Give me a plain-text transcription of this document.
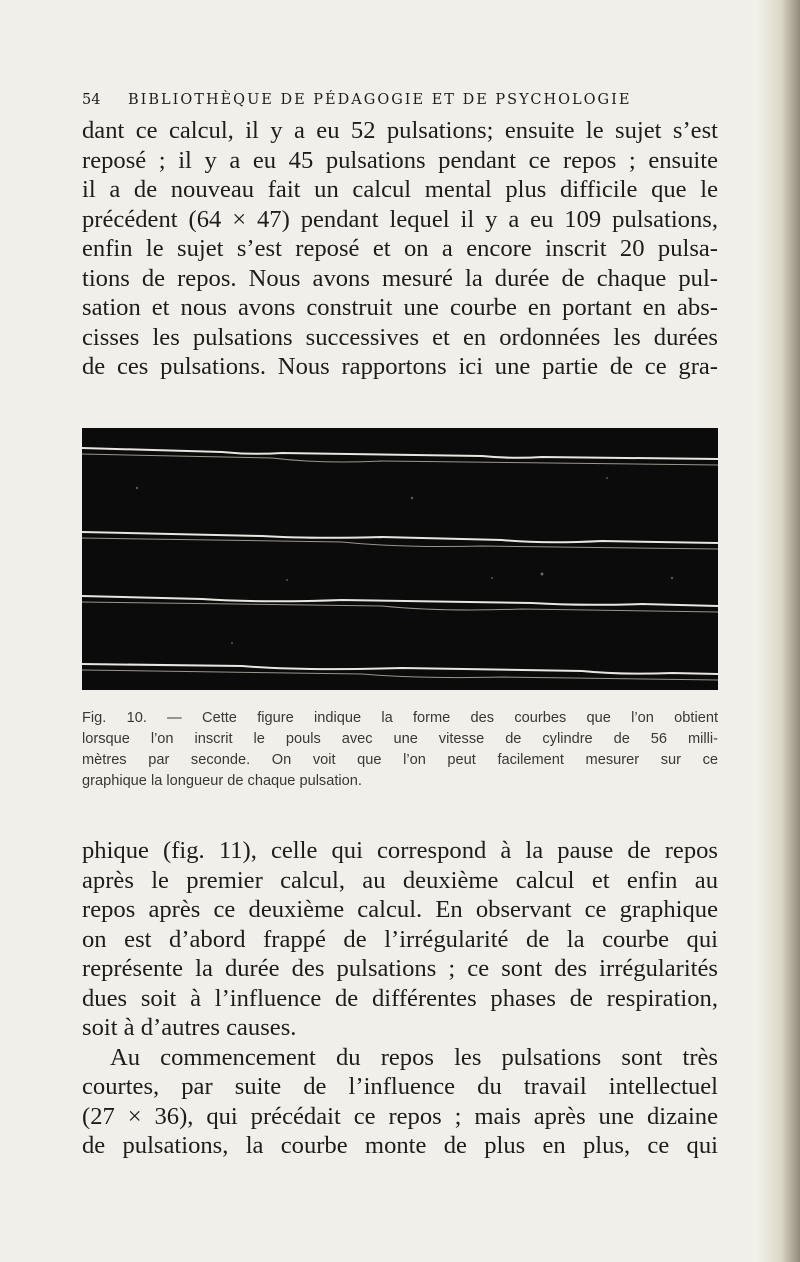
54 BIBLIOTHÈQUE DE PÉDAGOGIE ET DE PSYCHOLOGIE
dant ce calcul, il y a eu 52 pulsations; ensuite le sujet s’est
reposé ; il y a eu 45 pulsations pendant ce repos ; ensuite
il a de nouveau fait un calcul mental plus difficile que le
précédent (64 × 47) pendant lequel il y a eu 109 pulsations,
enfin le sujet s’est reposé et on a encore inscrit 20 pulsa-
tions de repos. Nous avons mesuré la durée de chaque pul-
sation et nous avons construit une courbe en portant en abs-
cisses les pulsations successives et en ordonnées les durées
de ces pulsations. Nous rapportons ici une partie de ce gra-
Fig. 10. — Cette figure indique la forme des courbes que l’on obtient
lorsque l’on inscrit le pouls avec une vitesse de cylindre de 56 milli-
mètres par seconde. On voit que l’on peut facilement mesurer sur ce
graphique la longueur de chaque pulsation.
phique (fig. 11), celle qui correspond à la pause de repos
après le premier calcul, au deuxième calcul et enfin au
repos après ce deuxième calcul. En observant ce graphique
on est d’abord frappé de l’irrégularité de la courbe qui
représente la durée des pulsations ; ce sont des irrégularités
dues soit à l’influence de différentes phases de respiration,
soit à d’autres causes.
Au commencement du repos les pulsations sont très
courtes, par suite de l’influence du travail intellectuel
(27 × 36), qui précédait ce repos ; mais après une dizaine
de pulsations, la courbe monte de plus en plus, ce qui
